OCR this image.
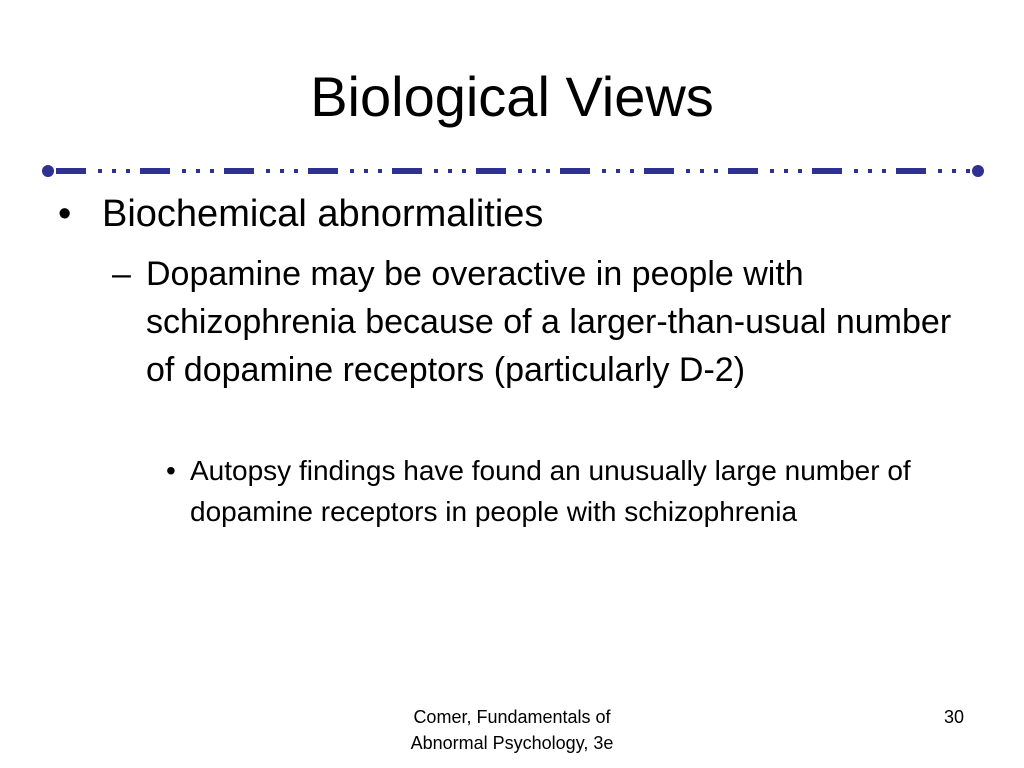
Biological Views
• Biochemical abnormalities
– Dopamine may be overactive in people with schizophrenia because of a larger-than-usual number of dopamine receptors (particularly D-2)
• Autopsy findings have found an unusually large number of dopamine receptors in people with schizophrenia
Comer, Fundamentals of
Abnormal Psychology, 3e
30
